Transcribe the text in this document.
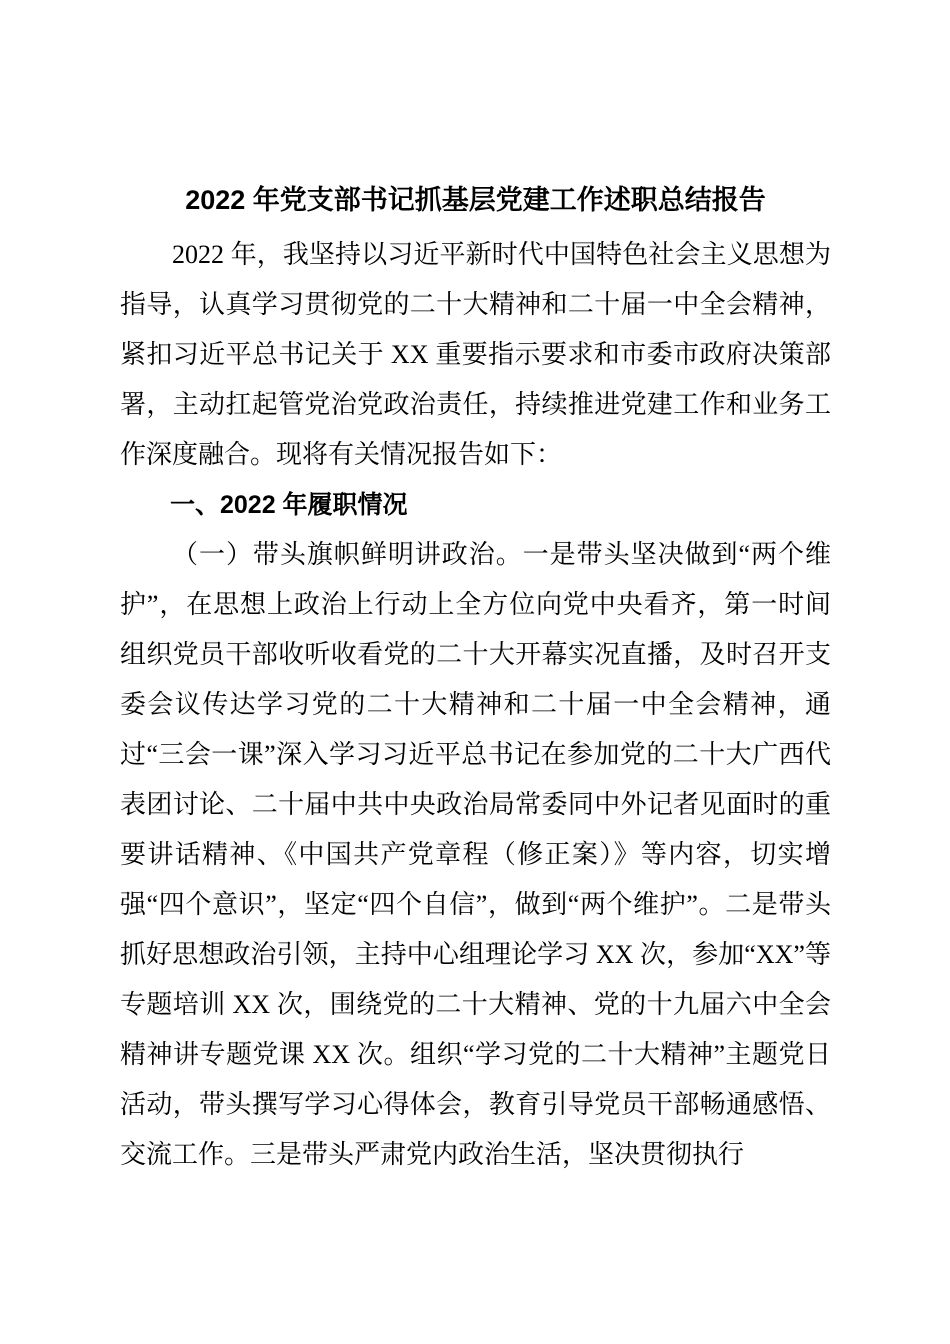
2022 年党支部书记抓基层党建工作述职总结报告

2022 年，我坚持以习近平新时代中国特色社会主义思想为指导，认真学习贯彻党的二十大精神和二十届一中全会精神，紧扣习近平总书记关于 XX 重要指示要求和市委市政府决策部署，主动扛起管党治党政治责任，持续推进党建工作和业务工作深度融合。现将有关情况报告如下：

一、2022 年履职情况

（一）带头旗帜鲜明讲政治。一是带头坚决做到“两个维护”，在思想上政治上行动上全方位向党中央看齐，第一时间组织党员干部收听收看党的二十大开幕实况直播，及时召开支委会议传达学习党的二十大精神和二十届一中全会精神，通过“三会一课”深入学习习近平总书记在参加党的二十大广西代表团讨论、二十届中共中央政治局常委同中外记者见面时的重要讲话精神、《中国共产党章程（修正案）》等内容，切实增强“四个意识”，坚定“四个自信”，做到“两个维护”。二是带头抓好思想政治引领，主持中心组理论学习 XX 次，参加“XX”等专题培训 XX 次，围绕党的二十大精神、党的十九届六中全会精神讲专题党课 XX 次。组织“学习党的二十大精神”主题党日活动，带头撰写学习心得体会，教育引导党员干部畅通感悟、交流工作。三是带头严肃党内政治生活，坚决贯彻执行
